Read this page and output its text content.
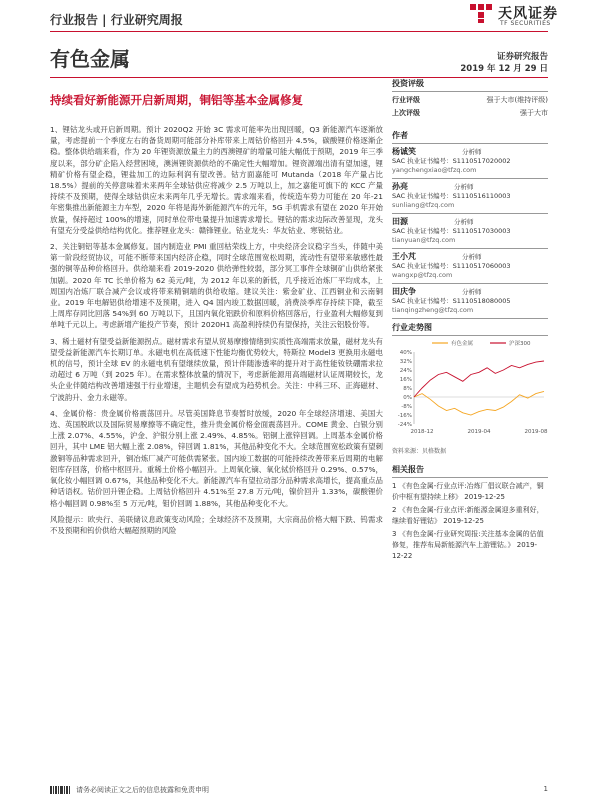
行业报告 | 行业研究周报	天风证券
TF SECURITIES
有色金属	证券研究报告
2019 年 12 月 29 日
持续看好新能源开启新周期，铜铝等基本金属修复

1、锂钴龙头或开启新周期。预计 2020Q2 开始 3C 需求可能率先出现回暖，Q3 新能源汽车逐渐放量，考虑提前一个季度左右的备货周期可能部分补库带来上周钴价格回升 4.5%，碳酸锂价格逐渐企稳。整体供给端来看，作为 20 年锂资源放量主力的西澳锂矿的增量可能大幅低于预期，2019 年三季度以来，部分矿企陷入经营困境，澳洲锂资源供给的不确定性大幅增加。锂资源端出清有望加速，锂精矿价格有望企稳，锂盐加工的边际利润有望改善。钴方面嘉能可 Mutanda（2018 年产量占比 18.5%）提前的关停意味着未来两年全球钴供应将减少 2.5 万吨以上，加之嘉能可旗下的 KCC 产量持续不及预期，使得全球钴供应未来两年几乎无增长。需求端来看，传统造车势力可能在 20 年-21 年密集推出新能源主力车型，2020 年将是海外新能源汽车的元年，5G 手机需求有望在 2020 年开始放量，保持超过 100%的增速，同时单位带电量提升加速需求增长。锂钴的需求边际改善显现，龙头有望充分受益供给结构优化。推荐锂业龙头：赣锋锂业。钴业龙头：华友钴业、寒锐钴业。

2、关注铜铝等基本金属修复。国内制造业 PMI 重回枯荣线上方，中央经济会议稳字当头，伴随中美第一阶段经贸协议，可能不断带来国内经济企稳，同时全球范围宽松周期，流动性有望带来敏感性最强的铜等品种价格回升。供给端来看 2019-2020 供给弹性较弱，部分冥工事件全球铜矿山供给紧张加剧。2020 年 TC 长单价格为 62 美元/吨，为 2012 年以来的新低，几乎接近冶炼厂平均成本，上周国内冶炼厂联合减产会议或将带来精铜端的供给收缩。建议关注：紫金矿业、江西铜业和云南铜业。2019 年电解铝供给增速不及预期，进入 Q4 国内竣工数据回暖，消费淡季库存持续下降，截至上周库存同比回落 54%到 60 万吨以下，且国内氧化铝跌价和原料价格回落后，行业盈利大幅修复到单吨千元以上。考虑新增产能投产节奏，预计 2020H1 高盈利持续仍有望保持，关注云铝股份等。

3、稀土磁材有望受益新能源拐点。磁材需求有望从贸易摩擦情绪到实质性高端需求放量，磁材龙头有望受益新能源汽车长期订单。永磁电机在高低速下性能均衡优势较大，特斯拉 Model3 更换用永磁电机的信号，预计全球 EV 的永磁电机有望继续放量，预计伴随渗透率的提升对于高性能钕铁硼需求拉动超过 6 万吨（到 2025 年）。在需求整体放量的情况下，考虑新能源用高端磁材认证周期较长，龙头企业伴随结构改善增速强于行业增速，主题机会有望成为趋势机会。关注：中科三环、正海磁材、宁波韵升、金力永磁等。

4、金属价格：贵金属价格震荡回升。尽管美国降息节奏暂时放缓，2020 年全球经济增速、美国大选、英国脱欧以及国际贸易摩擦等不确定性，推升贵金属价格金面震荡回升。COME 黄金、白银分别上涨 2.07%、4.55%，沪金、沪银分别上涨 2.49%、4.85%。铝铜上涨锌回调。上周基本金属价格回升，其中 LME 铝大幅上涨 2.08%，锌回调 1.81%，其他品种变化不大。全球范围宽松政策有望刺激铜等品种需求回升，铜冶炼厂减产可能供需紧张。国内竣工数据的可能持续改善带来后周期的电解铝库存回落，价格中枢回升。重稀土价格小幅回升。上周氧化镝、氧化铽价格回升 0.29%、0.57%，氧化钕小幅回调 0.67%，其他品种变化不大。新能源汽车有望拉动部分品种需求高增长，提高重点品种话语权。钴价回升锂企稳。上周钴价格回升 4.51%至 27.8 万元/吨，镍价回升 1.33%，碳酸锂价格小幅回调 0.98%至 5 万元/吨，钼价回调 1.88%，其他品种变化不大。

风险提示：欧央行、美联储议息政策变动风险；全球经济不及预期，大宗商品价格大幅下跌、钨需求不及预期和钨价供给大幅超预期的风险

投资评级
行业评级	强于大市(维持评级)
上次评级	强于大市
作者
杨诚笑	分析师
SAC 执业证书编号：S1110517020002
yangchengxiao@tfzq.com
孙亮	分析师
SAC 执业证书编号：S1110516110003
sunliang@tfzq.com
田源	分析师
SAC 执业证书编号：S1110517030003
tianyuan@tfzq.com
王小芃	分析师
SAC 执业证书编号：S1110517060003
wangxp@tfzq.com
田庆争	分析师
SAC 执业证书编号：S1110518080005
tianqingzheng@tfzq.com
行业走势图
40%
32%
24%
16%
8%
0%
-8%
-16%
-24%
2018-12	2019-04	2019-08
有色金属	沪深300
资料来源：贝格数据
相关报告
1 《有色金属-行业点评:冶炼厂倡议联合减产，铜价中枢有望持续上移》 2019-12-25
2 《有色金属-行业点评:新能源金属迎多重利好，继续看好锂钴》 2019-12-25
3 《有色金属-行业研究周报:关注基本金属的估值修复，推荐布局新能源汽车上游锂钴。》 2019-12-22
请务必阅读正文之后的信息披露和免责申明	1
